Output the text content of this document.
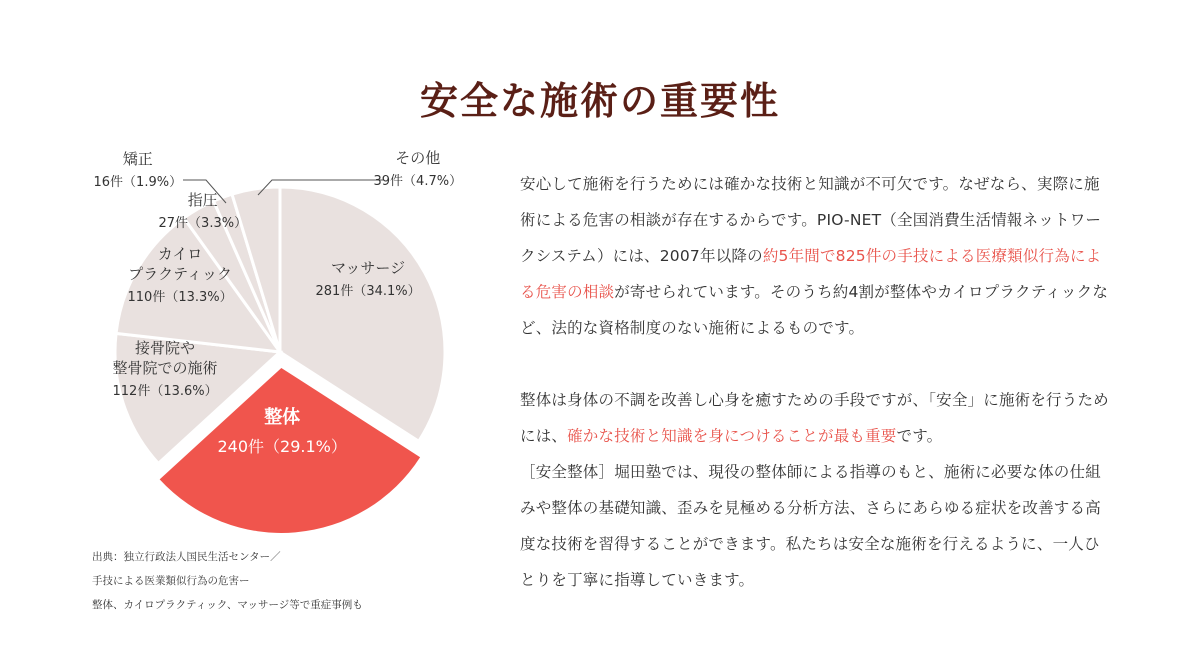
安全な施術の重要性
マッサージ
281件（34.1%）
整体
240件（29.1%）
接骨院や
整骨院での施術
112件（13.6%）
カイロ
プラクティック
110件（13.3%）
指圧
27件（3.3%）
矯正
16件（1.9%）
その他
39件（4.7%）
出典：独立行政法人国民生活センター／
手技による医業類似行為の危害ー
整体、カイロプラクティック、マッサージ等で重症事例も

安心して施術を行うためには確かな技術と知識が不可欠です。なぜなら、実際に施術による危害の相談が存在するからです。PIO-NET（全国消費生活情報ネットワークシステム）には、2007年以降の約5年間で825件の手技による医療類似行為による危害の相談が寄せられています。そのうち約4割が整体やカイロプラクティックなど、法的な資格制度のない施術によるものです。

整体は身体の不調を改善し心身を癒すための手段ですが、「安全」に施術を行うためには、確かな技術と知識を身につけることが最も重要です。

［安全整体］堀田塾では、現役の整体師による指導のもと、施術に必要な体の仕組みや整体の基礎知識、歪みを見極める分析方法、さらにあらゆる症状を改善する高度な技術を習得することができます。私たちは安全な施術を行えるように、一人ひとりを丁寧に指導していきます。
